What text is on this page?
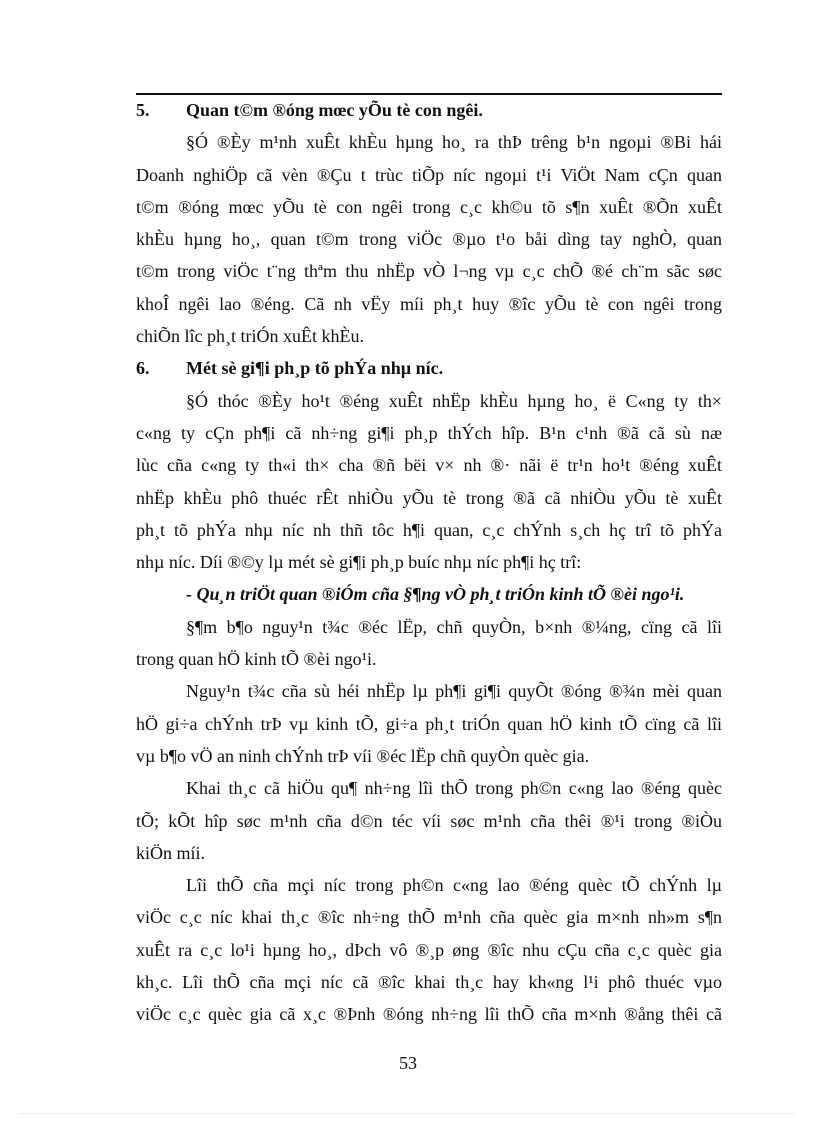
5. Quan t©m ®óng mœc yÕu tè con ngêi.
§Ó ®Èy m¹nh xuÊt khÈu hµng ho¸ ra thÞ trêng b¹n ngoµi ®Bi hái
Doanh nghiÖp cã vèn ®Çu t trùc tiÕp níc ngoµi t¹i ViÖt Nam cÇn quan
t©m ®óng mœc yÕu tè con ngêi trong c¸c kh©u tõ s¶n xuÊt ®Õn xuÊt
khÈu hµng ho¸, quan t©m trong viÖc ®µo t¹o båi dìng tay nghÒ, quan
t©m trong viÖc t¨ng thªm thu nhËp vÒ l¬ng vµ c¸c chÕ ®é ch¨m sãc søc
khoÎ ngêi lao ®éng. Cã nh vËy míi ph¸t huy ®îc yÕu tè con ngêi trong
chiÕn lîc ph¸t triÓn xuÊt khÈu.
6. Mét sè gi¶i ph¸p tõ phÝa nhµ níc.
§Ó thóc ®Èy ho¹t ®éng xuÊt nhËp khÈu hµng ho¸ ë C«ng ty th×
c«ng ty cÇn ph¶i cã nh÷ng gi¶i ph¸p thÝch hîp. B¹n c¹nh ®ã cã sù næ
lùc cña c«ng ty th«i th× cha ®ñ bëi v× nh ®· nãi ë tr¹n ho¹t ®éng xuÊt
nhËp khÈu phô thuéc rÊt nhiÒu yÕu tè trong ®ã cã nhiÒu yÕu tè xuÊt
ph¸t tõ phÝa nhµ níc nh thñ tôc h¶i quan, c¸c chÝnh s¸ch hç trî tõ phÝa
nhµ níc. Díi ®©y lµ mét sè gi¶i ph¸p buíc nhµ níc ph¶i hç trî:
- Qu¸n triÖt quan ®iÓm cña §¶ng vÒ ph¸t triÓn kinh tÕ ®èi ngo¹i.
§¶m b¶o nguy¹n t¾c ®éc lËp, chñ quyÒn, b×nh ®¼ng, cïng cã lîi
trong quan hÖ kinh tÕ ®èi ngo¹i.
Nguy¹n t¾c cña sù héi nhËp lµ ph¶i gi¶i quyÕt ®óng ®¾n mèi quan
hÖ gi÷a chÝnh trÞ vµ kinh tÕ, gi÷a ph¸t triÓn quan hÖ kinh tÕ cïng cã lîi
vµ b¶o vÖ an ninh chÝnh trÞ víi ®éc lËp chñ quyÒn quèc gia.
Khai th¸c cã hiÖu qu¶ nh÷ng lîi thÕ trong ph©n c«ng lao ®éng quèc
tÕ; kÕt hîp søc m¹nh cña d©n téc víi søc m¹nh cña thêi ®¹i trong ®iÒu
kiÖn míi.
Lîi thÕ cña mçi níc trong ph©n c«ng lao ®éng quèc tÕ chÝnh lµ
viÖc c¸c níc khai th¸c ®îc nh÷ng thÕ m¹nh cña quèc gia m×nh nh»m s¶n
xuÊt ra c¸c lo¹i hµng ho¸, dÞch vô ®¸p øng ®îc nhu cÇu cña c¸c quèc gia
kh¸c. Lîi thÕ cña mçi níc cã ®îc khai th¸c hay kh«ng l¹i phô thuéc vµo
viÖc c¸c quèc gia cã x¸c ®Þnh ®óng nh÷ng lîi thÕ cña m×nh ®ång thêi cã
53
